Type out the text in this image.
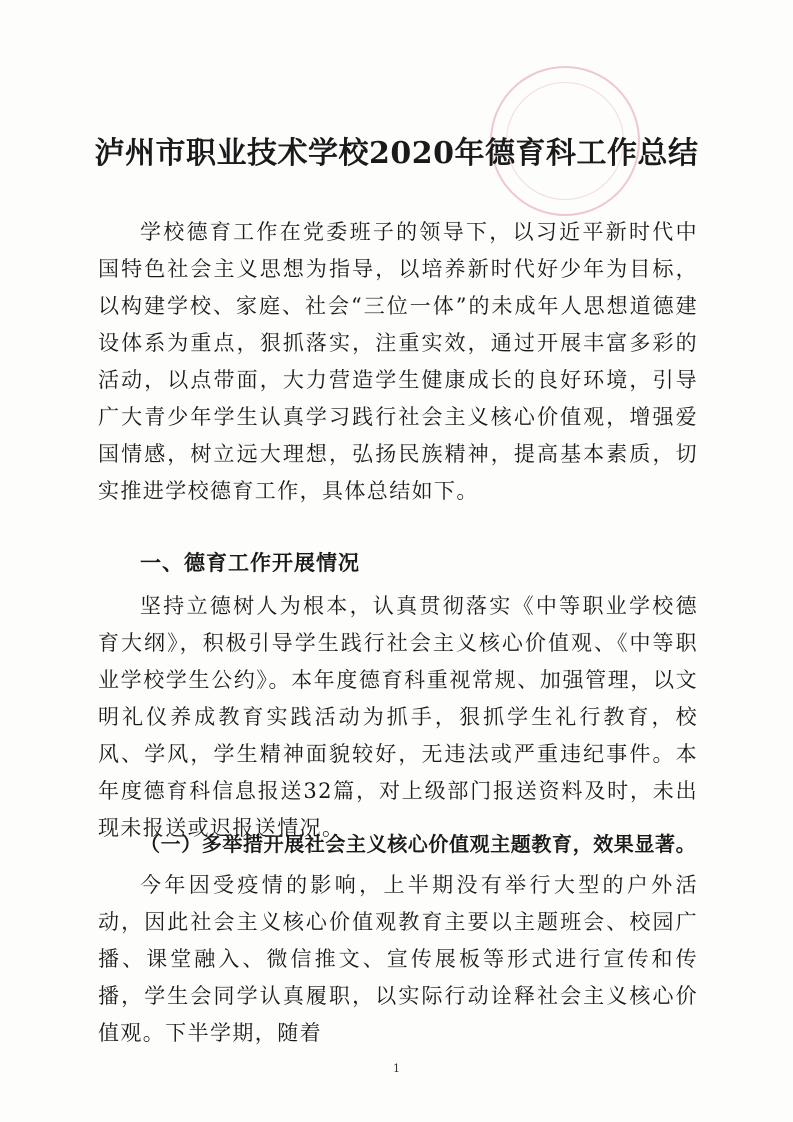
泸州市职业技术学校2020年德育科工作总结

学校德育工作在党委班子的领导下，以习近平新时代中国特色社会主义思想为指导，以培养新时代好少年为目标，以构建学校、家庭、社会“三位一体”的未成年人思想道德建设体系为重点，狠抓落实，注重实效，通过开展丰富多彩的活动，以点带面，大力营造学生健康成长的良好环境，引导广大青少年学生认真学习践行社会主义核心价值观，增强爱国情感，树立远大理想，弘扬民族精神，提高基本素质，切实推进学校德育工作，具体总结如下。

一、德育工作开展情况

坚持立德树人为根本，认真贯彻落实《中等职业学校德育大纲》，积极引导学生践行社会主义核心价值观、《中等职业学校学生公约》。本年度德育科重视常规、加强管理，以文明礼仪养成教育实践活动为抓手，狠抓学生礼行教育，校风、学风，学生精神面貌较好，无违法或严重违纪事件。本年度德育科信息报送32篇，对上级部门报送资料及时，未出现未报送或迟报送情况。

（一）多举措开展社会主义核心价值观主题教育，效果显著。

今年因受疫情的影响，上半期没有举行大型的户外活动，因此社会主义核心价值观教育主要以主题班会、校园广播、课堂融入、微信推文、宣传展板等形式进行宣传和传播，学生会同学认真履职，以实际行动诠释社会主义核心价值观。下半学期，随着

1
